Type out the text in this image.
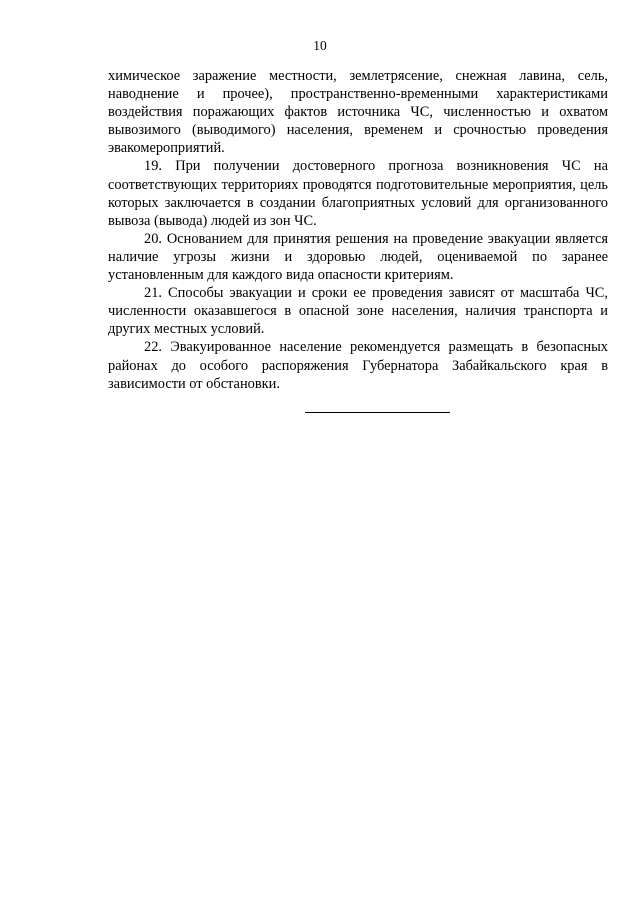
10

химическое заражение местности, землетрясение, снежная лавина, сель, наводнение и прочее), пространственно-временными характеристиками воздействия поражающих фактов источника ЧС, численностью и охватом вывозимого (выводимого) населения, временем и срочностью проведения эвакомероприятий.

19. При получении достоверного прогноза возникновения ЧС на соответствующих территориях проводятся подготовительные мероприятия, цель которых заключается в создании благоприятных условий для организованного вывоза (вывода) людей из зон ЧС.

20. Основанием для принятия решения на проведение эвакуации является наличие угрозы жизни и здоровью людей, оцениваемой по заранее установленным для каждого вида опасности критериям.

21. Способы эвакуации и сроки ее проведения зависят от масштаба ЧС, численности оказавшегося в опасной зоне населения, наличия транспорта и других местных условий.

22. Эвакуированное население рекомендуется размещать в безопасных районах до особого распоряжения Губернатора Забайкальского края в зависимости от обстановки.
